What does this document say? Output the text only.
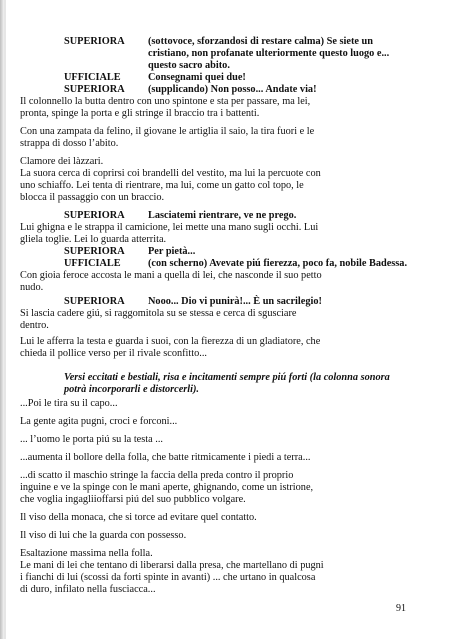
SUPERIORA (sottovoce, sforzandosi di restare calma) Se siete un
cristiano, non profanate ulteriormente questo luogo e...
questo sacro abito.
UFFICIALE	Consegnami quei due!
SUPERIORA (supplicando) Non posso... Andate via!
Il colonnello la butta dentro con uno spintone e sta per passare, ma lei,
pronta, spinge la porta e gli stringe il braccio tra i battenti.
Con una zampata da felino, il giovane le artiglia il saio, la tira fuori e le
strappa di dosso l’abito.
Clamore dei làzzari.
La suora cerca di coprirsi coi brandelli del vestito, ma lui la percuote con
uno schiaffo. Lei tenta di rientrare, ma lui, come un gatto col topo, le
blocca il passaggio con un braccio.
SUPERIORA Lasciatemi rientrare, ve ne prego.
Lui ghigna e le strappa il camicione, lei mette una mano sugli occhi. Lui
gliela toglie. Lei lo guarda atterrita.
SUPERIORA Per pietà...
UFFICIALE	(con scherno) Avevate piú fierezza, poco fa, nobile Badessa.
Con gioia feroce accosta le mani a quella di lei, che nasconde il suo petto
nudo.
SUPERIORA Nooo... Dio vi punirà!... È un sacrilegio!
Si lascia cadere giú, si raggomitola su se stessa e cerca di sgusciare
dentro.
Lui le afferra la testa e guarda i suoi, con la fierezza di un gladiatore, che
chieda il pollice verso per il rivale sconfitto...
Versi eccitati e bestiali, risa e incitamenti sempre piú forti (la colonna sonora
potrà incorporarli e distorcerli).
...Poi le tira su il capo...
La gente agita pugni, croci e forconi...
... l’uomo le porta piú su la testa ...
...aumenta il bollore della folla, che batte ritmicamente i piedi a terra...
...di scatto il maschio stringe la faccia della preda contro il proprio
inguine e ve la spinge con le mani aperte, ghignando, come un istrione,
che voglia ingagliioffarsi piú del suo pubblico volgare.
Il viso della monaca, che si torce ad evitare quel contatto.
Il viso di lui che la guarda con possesso.
Esaltazione massima nella folla.
Le mani di lei che tentano di liberarsi dalla presa, che martellano di pugni
i fianchi di lui (scossi da forti spinte in avanti) ... che urtano in qualcosa
di duro, infilato nella fusciacca...
91
